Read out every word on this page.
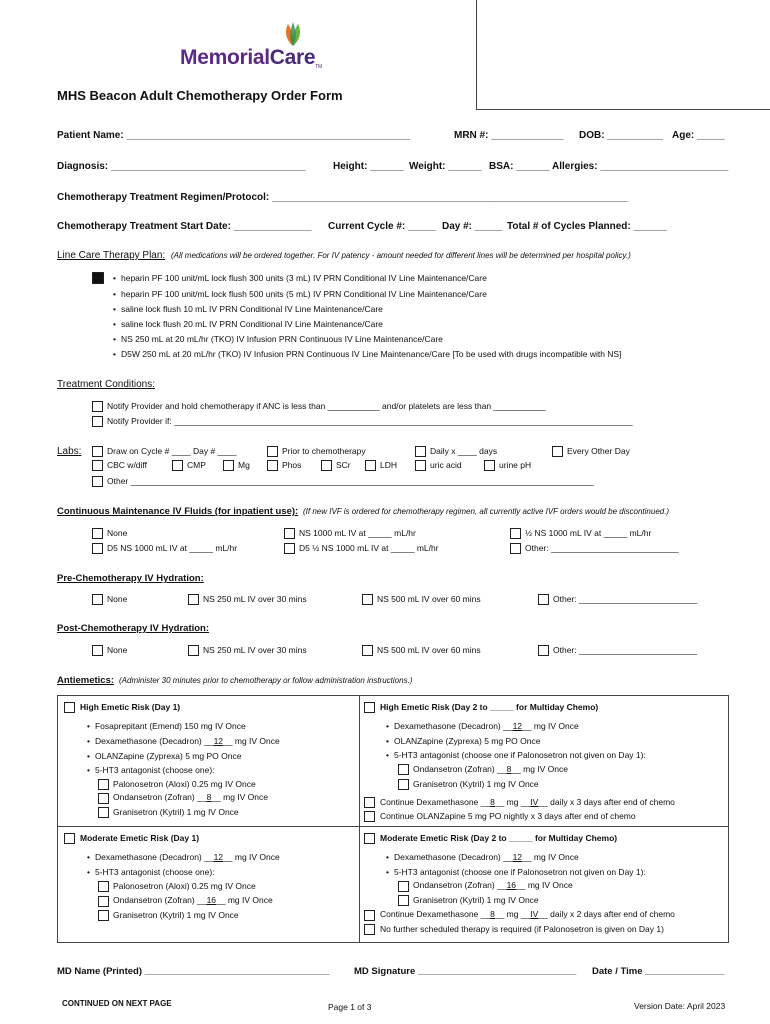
MemorialCareTM
MHS Beacon Adult Chemotherapy Order Form
Patient Name: ___________________________________________________	MRN #: _____________ DOB: __________ Age: _____
Diagnosis: ___________________________________	Height: ______ Weight: ______ BSA: ______ Allergies: _______________________
Chemotherapy Treatment Regimen/Protocol: ________________________________________________________________
Chemotherapy Treatment Start Date: ______________ Current Cycle #: _____ Day #: _____ Total # of Cycles Planned: ______
Line Care Therapy Plan: (All medications will be ordered together. For IV patency - amount needed for different lines will be determined per hospital policy.)
• heparin PF 100 unit/mL lock flush 300 units (3 mL) IV PRN Conditional IV Line Maintenance/Care
• heparin PF 100 unit/mL lock flush 500 units (5 mL) IV PRN Conditional IV Line Maintenance/Care
• saline lock flush 10 mL IV PRN Conditional IV Line Maintenance/Care
• saline lock flush 20 mL IV PRN Conditional IV Line Maintenance/Care
• NS 250 mL at 20 mL/hr (TKO) IV Infusion PRN Continuous IV Line Maintenance/Care
• D5W 250 mL at 20 mL/hr (TKO) IV Infusion PRN Continuous IV Line Maintenance/Care [To be used with drugs incompatible with NS]
Treatment Conditions:
Notify Provider and hold chemotherapy if ANC is less than ___________ and/or platelets are less than ___________
Notify Provider if: _________________________________________________________________________________________________
Labs:	Draw on Cycle # ____ Day # ____	Prior to chemotherapy	Daily x ____ days	Every Other Day
CBC w/diff	CMP	Mg	Phos	SCr	LDH	uric acid	urine pH
Other __________________________________________________________________________________________________
Continuous Maintenance IV Fluids (for inpatient use): (If new IVF is ordered for chemotherapy regimen, all currently active IVF orders would be discontinued.)
None	NS 1000 mL IV at _____ mL/hr	½ NS 1000 mL IV at _____ mL/hr
D5 NS 1000 mL IV at _____ mL/hr	D5 ½ NS 1000 mL IV at _____ mL/hr	Other: ___________________________
Pre-Chemotherapy IV Hydration:
None	NS 250 mL IV over 30 mins	NS 500 mL IV over 60 mins	Other: _________________________
Post-Chemotherapy IV Hydration:
None	NS 250 mL IV over 30 mins	NS 500 mL IV over 60 mins	Other: _________________________
Antiemetics: (Administer 30 minutes prior to chemotherapy or follow administration instructions.)
High Emetic Risk (Day 1)
• Fosaprepitant (Emend) 150 mg IV Once
• Dexamethasone (Decadron) __12__ mg IV Once
• OLANZapine (Zyprexa) 5 mg PO Once
• 5-HT3 antagonist (choose one):
Palonosetron (Aloxi) 0.25 mg IV Once
Ondansetron (Zofran) __8__ mg IV Once
Granisetron (Kytril) 1 mg IV Once
High Emetic Risk (Day 2 to _____ for Multiday Chemo)
• Dexamethasone (Decadron) __12__ mg IV Once
• OLANZapine (Zyprexa) 5 mg PO Once
• 5-HT3 antagonist (choose one if Palonosetron not given on Day 1):
Ondansetron (Zofran) __8__ mg IV Once
Granisetron (Kytril) 1 mg IV Once
Continue Dexamethasone __8__ mg __IV__ daily x 3 days after end of chemo
Continue OLANZapine 5 mg PO nightly x 3 days after end of chemo
Moderate Emetic Risk (Day 1)
• Dexamethasone (Decadron) __12__ mg IV Once
• 5-HT3 antagonist (choose one):
Palonosetron (Aloxi) 0.25 mg IV Once
Ondansetron (Zofran) __16__ mg IV Once
Granisetron (Kytril) 1 mg IV Once
Moderate Emetic Risk (Day 2 to _____ for Multiday Chemo)
• Dexamethasone (Decadron) __12__ mg IV Once
• 5-HT3 antagonist (choose one if Palonosetron not given on Day 1):
Ondansetron (Zofran) __16__ mg IV Once
Granisetron (Kytril) 1 mg IV Once
Continue Dexamethasone __8__ mg __IV__ daily x 2 days after end of chemo
No further scheduled therapy is required (if Palonosetron is given on Day 1)
MD Name (Printed) ___________________________________	MD Signature ______________________________ Date / Time _______________
CONTINUED ON NEXT PAGE	Page 1 of 3	Version Date: April 2023
